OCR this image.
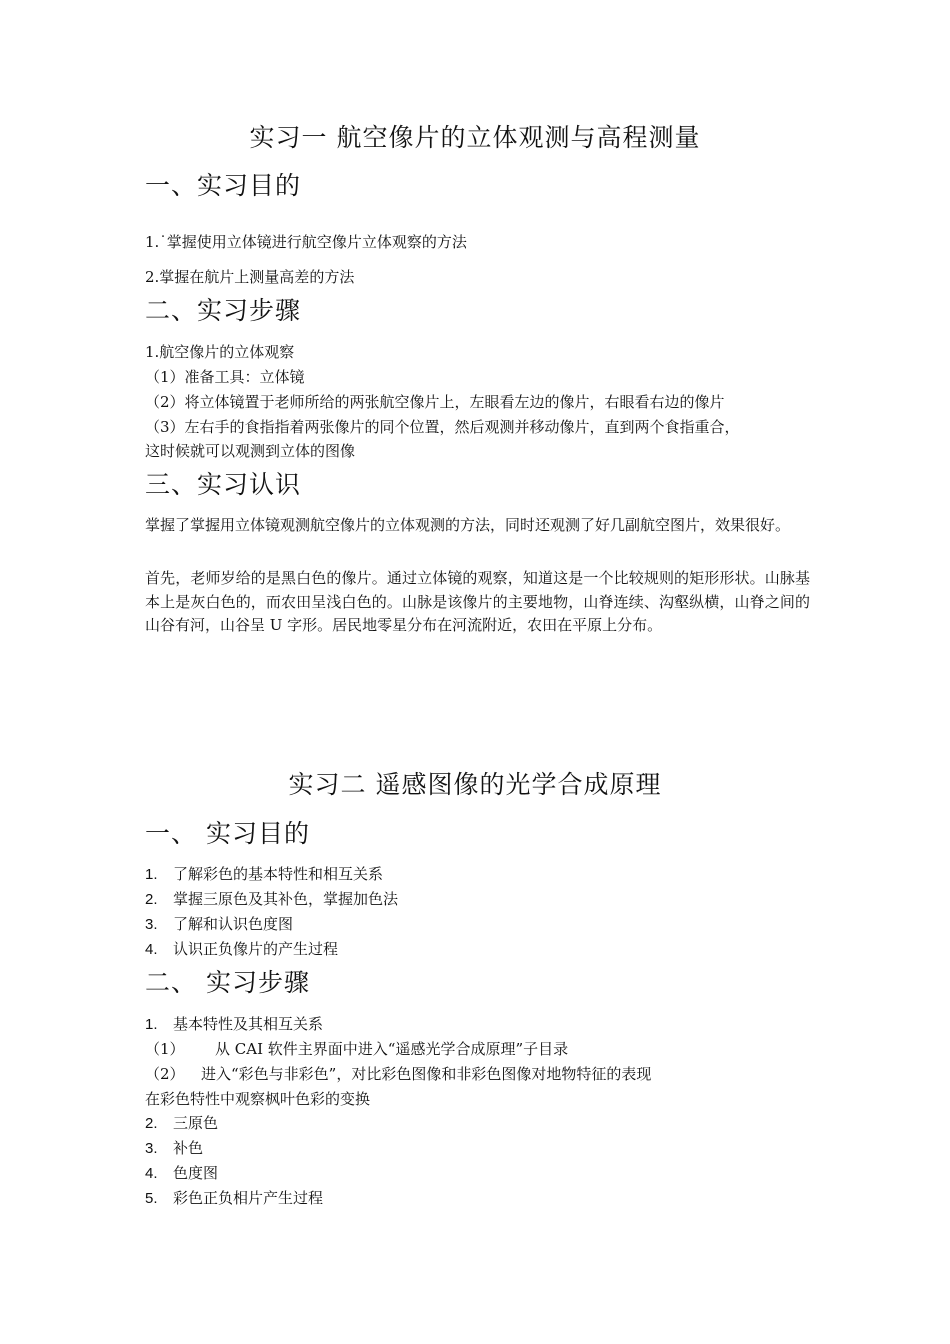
实习一 航空像片的立体观测与高程测量
一、实习目的
1.˙掌握使用立体镜进行航空像片立体观察的方法
2.掌握在航片上测量高差的方法
二、实习步骤
1.航空像片的立体观察
（1）准备工具：立体镜
（2）将立体镜置于老师所给的两张航空像片上，左眼看左边的像片，右眼看右边的像片
（3）左右手的食指指着两张像片的同个位置，然后观测并移动像片，直到两个食指重合，
这时候就可以观测到立体的图像
三、实习认识
掌握了掌握用立体镜观测航空像片的立体观测的方法，同时还观测了好几副航空图片，效果很好。
首先，老师岁给的是黑白色的像片。通过立体镜的观察，知道这是一个比较规则的矩形形状。山脉基本上是灰白色的，而农田呈浅白色的。山脉是该像片的主要地物，山脊连续、沟壑纵横，山脊之间的山谷有河，山谷呈 U 字形。居民地零星分布在河流附近，农田在平原上分布。
实习二 遥感图像的光学合成原理
一、 实习目的
1. 了解彩色的基本特性和相互关系
2. 掌握三原色及其补色，掌握加色法
3. 了解和认识色度图
4. 认识正负像片的产生过程
二、 实习步骤
1. 基本特性及其相互关系
（1） 从 CAI 软件主界面中进入“遥感光学合成原理”子目录
（2） 进入“彩色与非彩色”，对比彩色图像和非彩色图像对地物特征的表现
在彩色特性中观察枫叶色彩的变换
2. 三原色
3. 补色
4. 色度图
5. 彩色正负相片产生过程
